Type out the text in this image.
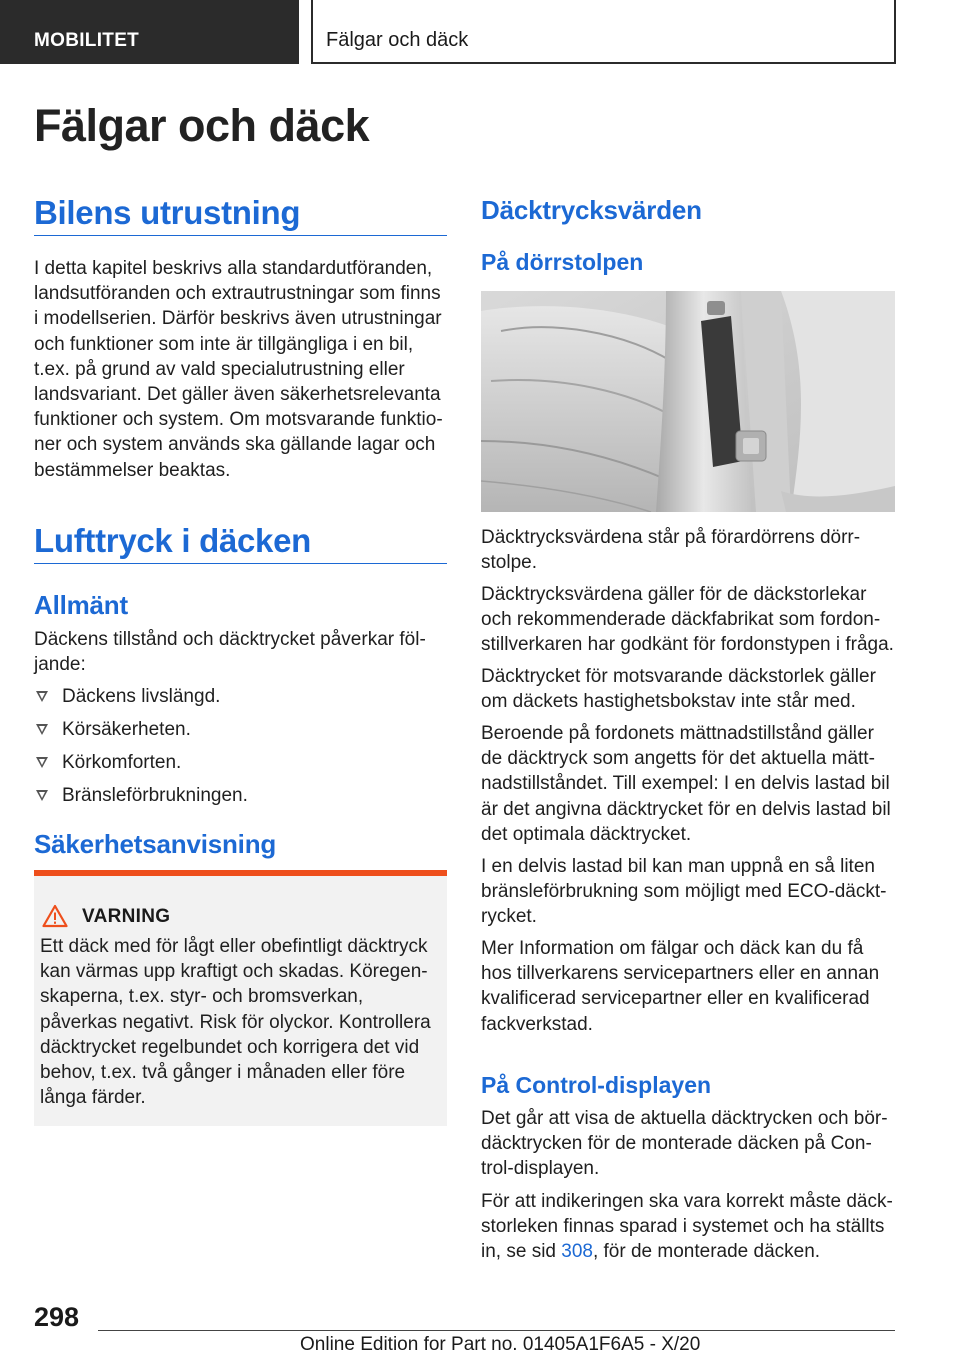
MOBILITET	Fälgar och däck
Fälgar och däck
Bilens utrustning

I detta kapitel beskrivs alla standardutföranden, landsutföranden och extrautrustningar som finns i modellserien. Därför beskrivs även utrustningar och funktioner som inte är tillgängliga i en bil, t.ex. på grund av vald specialutrustning eller landsvariant. Det gäller även säkerhetsrelevanta funktioner och system. Om motsvarande funktioner och system används ska gällande lagar och bestämmelser beaktas.

Lufttryck i däcken
Allmänt

Däckens tillstånd och däcktrycket påverkar följande:

Däckens livslängd.
Körsäkerheten.
Körkomforten.
Bränsleförbrukningen.
Säkerhetsanvisning
VARNING

Ett däck med för lågt eller obefintligt däcktryck kan värmas upp kraftigt och skadas. Köregenskaperna, t.ex. styr- och bromsverkan, påverkas negativt. Risk för olyckor. Kontrollera däcktrycket regelbundet och korrigera det vid behov, t.ex. två gånger i månaden eller före långa färder.

Däcktrycksvärden
På dörrstolpen

Däcktrycksvärdena står på förardörrens dörrstolpe.

Däcktrycksvärdena gäller för de däckstorlekar och rekommenderade däckfabrikat som fordonstillverkaren har godkänt för fordonstypen i fråga.

Däcktrycket för motsvarande däckstorlek gäller om däckets hastighetsbokstav inte står med.

Beroende på fordonets mättnadstillstånd gäller de däcktryck som angetts för det aktuella mättnadstillståndet. Till exempel: I en delvis lastad bil är det angivna däcktrycket för en delvis lastad bil det optimala däcktrycket.

I en delvis lastad bil kan man uppnå en så liten bränsleförbrukning som möjligt med ECO-däcktrycket.

Mer Information om fälgar och däck kan du få hos tillverkarens servicepartners eller en annan kvalificerad servicepartner eller en kvalificerad fackverkstad.

På Control-displayen

Det går att visa de aktuella däcktrycken och bördäcktrycken för de monterade däcken på Control-displayen.

För att indikeringen ska vara korrekt måste däckstorleken finnas sparad i systemet och ha ställts in, se sid 308, för de monterade däcken.

298
Online Edition for Part no. 01405A1F6A5 - X/20
